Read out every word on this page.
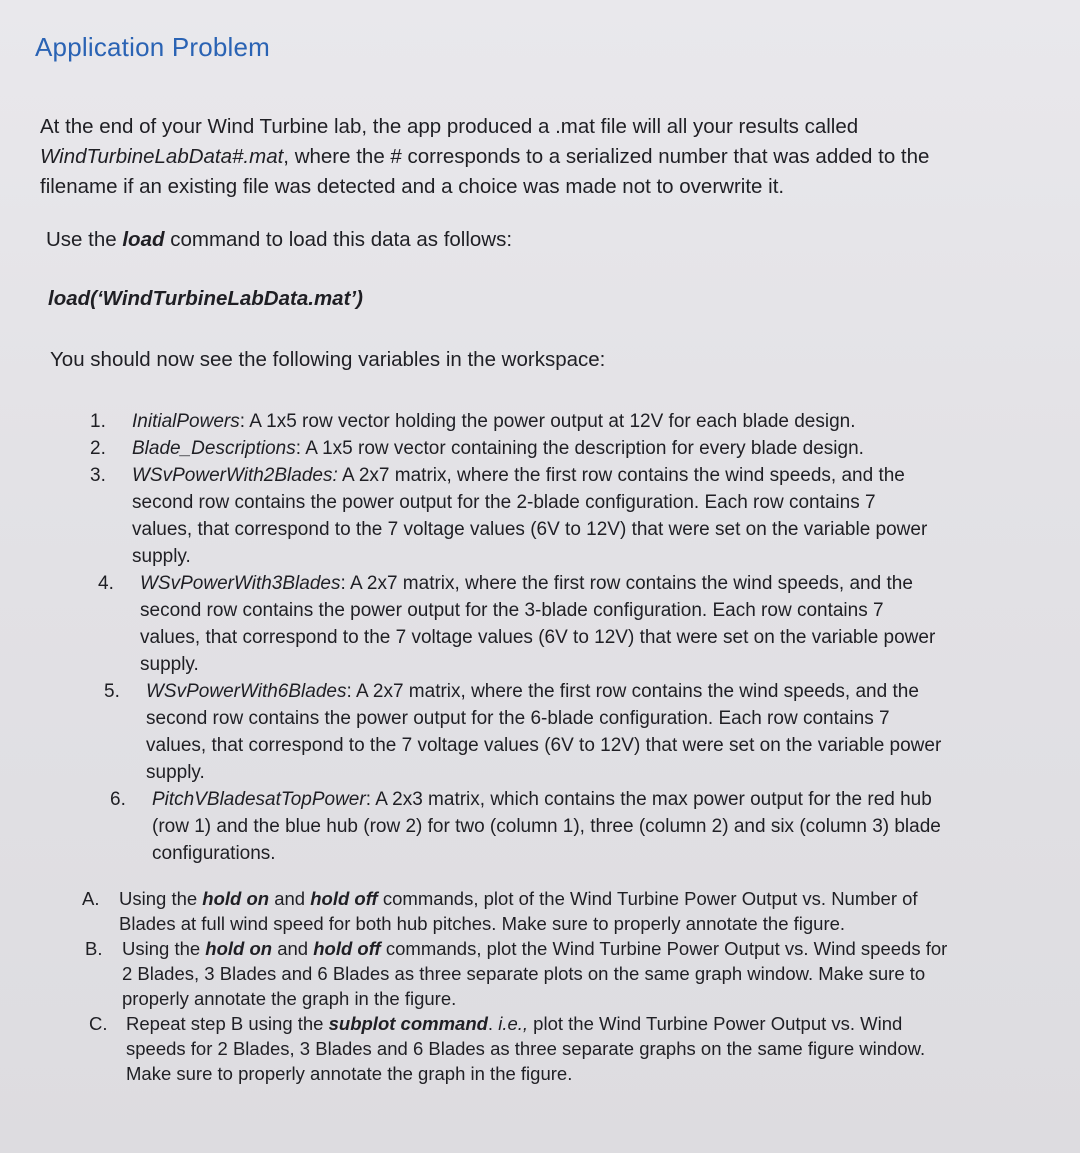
Application Problem
At the end of your Wind Turbine lab, the app produced a .mat file will all your results called
WindTurbineLabData#.mat, where the # corresponds to a serialized number that was added to the
filename if an existing file was detected and a choice was made not to overwrite it.
Use the load command to load this data as follows:
load(‘WindTurbineLabData.mat’)
You should now see the following variables in the workspace:
1.	InitialPowers: A 1x5 row vector holding the power output at 12V for each blade design.
2.	Blade_Descriptions: A 1x5 row vector containing the description for every blade design.
3.	WSvPowerWith2Blades: A 2x7 matrix, where the first row contains the wind speeds, and the
second row contains the power output for the 2-blade configuration. Each row contains 7
values, that correspond to the 7 voltage values (6V to 12V) that were set on the variable power
supply.
4.	WSvPowerWith3Blades: A 2x7 matrix, where the first row contains the wind speeds, and the
second row contains the power output for the 3-blade configuration. Each row contains 7
values, that correspond to the 7 voltage values (6V to 12V) that were set on the variable power
supply.
5.	WSvPowerWith6Blades: A 2x7 matrix, where the first row contains the wind speeds, and the
second row contains the power output for the 6-blade configuration. Each row contains 7
values, that correspond to the 7 voltage values (6V to 12V) that were set on the variable power
supply.
6.	PitchVBladesatTopPower: A 2x3 matrix, which contains the max power output for the red hub
(row 1) and the blue hub (row 2) for two (column 1), three (column 2) and six (column 3) blade
configurations.
A.	Using the hold on and hold off commands, plot of the Wind Turbine Power Output vs. Number of
Blades at full wind speed for both hub pitches. Make sure to properly annotate the figure.
B.	Using the hold on and hold off commands, plot the Wind Turbine Power Output vs. Wind speeds for
2 Blades, 3 Blades and 6 Blades as three separate plots on the same graph window. Make sure to
properly annotate the graph in the figure.
C.	Repeat step B using the subplot command. i.e., plot the Wind Turbine Power Output vs. Wind
speeds for 2 Blades, 3 Blades and 6 Blades as three separate graphs on the same figure window.
Make sure to properly annotate the graph in the figure.
